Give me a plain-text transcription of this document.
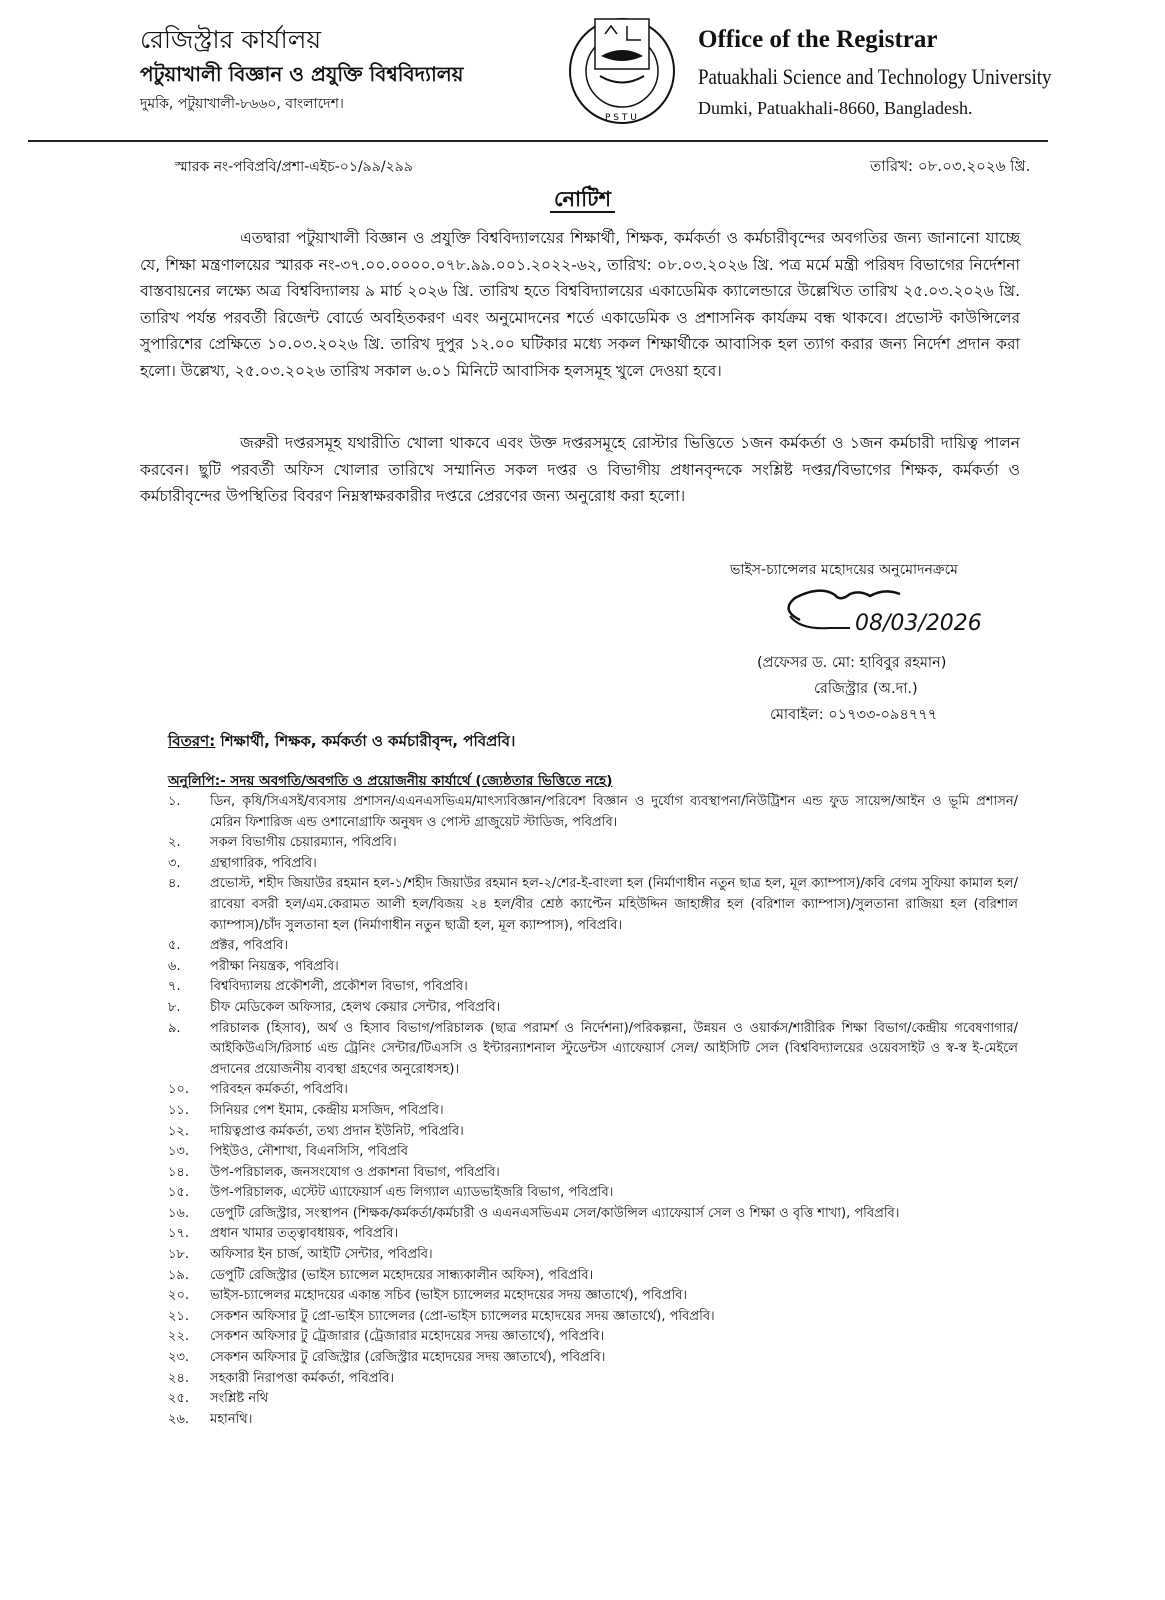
রেজিস্ট্রার কার্যালয়
পটুয়াখালী বিজ্ঞান ও প্রযুক্তি বিশ্ববিদ্যালয়
দুমকি, পটুয়াখালী-৮৬৬০, বাংলাদেশ।
P S T U
Office of the Registrar
Patuakhali Science and Technology University
Dumki, Patuakhali-8660, Bangladesh.
স্মারক নং-পবিপ্রবি/প্রশা-এইচ-০১/৯৯/২৯৯	তারিখ: ০৮.০৩.২০২৬ খ্রি.
নোটিশ

এতদ্বারা পটুয়াখালী বিজ্ঞান ও প্রযুক্তি বিশ্ববিদ্যালয়ের শিক্ষার্থী, শিক্ষক, কর্মকর্তা ও কর্মচারীবৃন্দের অবগতির জন্য জানানো যাচ্ছে যে, শিক্ষা মন্ত্রণালয়ের স্মারক নং-৩৭.০০.০০০০.০৭৮.৯৯.০০১.২০২২-৬২, তারিখ: ০৮.০৩.২০২৬ খ্রি. পত্র মর্মে মন্ত্রী পরিষদ বিভাগের নির্দেশনা বাস্তবায়নের লক্ষ্যে অত্র বিশ্ববিদ্যালয় ৯ মার্চ ২০২৬ খ্রি. তারিখ হতে বিশ্ববিদ্যালয়ের একাডেমিক ক্যালেন্ডারে উল্লেখিত তারিখ ২৫.০৩.২০২৬ খ্রি. তারিখ পর্যন্ত পরবর্তী রিজেন্ট বোর্ডে অবহিতকরণ এবং অনুমোদনের শর্তে একাডেমিক ও প্রশাসনিক কার্যক্রম বন্ধ থাকবে। প্রভোস্ট কাউন্সিলের সুপারিশের প্রেক্ষিতে ১০.০৩.২০২৬ খ্রি. তারিখ দুপুর ১২.০০ ঘটিকার মধ্যে সকল শিক্ষার্থীকে আবাসিক হল ত্যাগ করার জন্য নির্দেশ প্রদান করা হলো। উল্লেখ্য, ২৫.০৩.২০২৬ তারিখ সকাল ৬.০১ মিনিটে আবাসিক হলসমূহ খুলে দেওয়া হবে।

জরুরী দপ্তরসমূহ যথারীতি খোলা থাকবে এবং উক্ত দপ্তরসমূহে রোস্টার ভিত্তিতে ১জন কর্মকর্তা ও ১জন কর্মচারী দায়িত্ব পালন করবেন। ছুটি পরবর্তী অফিস খোলার তারিখে সম্মানিত সকল দপ্তর ও বিভাগীয় প্রধানবৃন্দকে সংশ্লিষ্ট দপ্তর/বিভাগের শিক্ষক, কর্মকর্তা ও কর্মচারীবৃন্দের উপস্থিতির বিবরণ নিম্নস্বাক্ষরকারীর দপ্তরে প্রেরণের জন্য অনুরোধ করা হলো।

ভাইস-চ্যান্সেলর মহোদয়ের অনুমোদনক্রমে
08/03/2026
(প্রফেসর ড. মো: হাবিবুর রহমান)
রেজিস্ট্রার (অ.দা.)
মোবাইল: ০১৭৩৩-০৯৪৭৭৭
বিতরণ: শিক্ষার্থী, শিক্ষক, কর্মকর্তা ও কর্মচারীবৃন্দ, পবিপ্রবি।
অনুলিপি:- সদয় অবগতি/অবগতি ও প্রয়োজনীয় কার্যার্থে (জ্যেষ্ঠতার ভিত্তিতে নহে)
১.	ডিন, কৃষি/সিএসই/ব্যবসায় প্রশাসন/এএনএসভিএম/মাৎস্যবিজ্ঞান/পরিবেশ বিজ্ঞান ও দুর্যোগ ব্যবস্থাপনা/নিউট্রিশন এন্ড ফুড সায়েন্স/আইন ও ভূমি প্রশাসন/ মেরিন ফিশারিজ এন্ড ওশানোগ্রাফি অনুষদ ও পোস্ট গ্রাজুয়েট স্টাডিজ, পবিপ্রবি।
২.	সকল বিভাগীয় চেয়ারম্যান, পবিপ্রবি।
৩.	গ্রন্থাগারিক, পবিপ্রবি।
৪.	প্রভোস্ট, শহীদ জিয়াউর রহমান হল-১/শহীদ জিয়াউর রহমান হল-২/শের-ই-বাংলা হল (নির্মাণাধীন নতুন ছাত্র হল, মূল ক্যাম্পাস)/কবি বেগম সুফিয়া কামাল হল/রাবেয়া বসরী হল/এম.কেরামত আলী হল/বিজয় ২৪ হল/বীর শ্রেষ্ঠ ক্যাপ্টেন মহিউদ্দিন জাহাঙ্গীর হল (বরিশাল ক্যাম্পাস)/সুলতানা রাজিয়া হল (বরিশাল ক্যাম্পাস)/চাঁদ সুলতানা হল (নির্মাণাধীন নতুন ছাত্রী হল, মূল ক্যাম্পাস), পবিপ্রবি।
৫.	প্রক্টর, পবিপ্রবি।
৬.	পরীক্ষা নিয়ন্ত্রক, পবিপ্রবি।
৭.	বিশ্ববিদ্যালয় প্রকৌশলী, প্রকৌশল বিভাগ, পবিপ্রবি।
৮.	চীফ মেডিকেল অফিসার, হেলথ কেয়ার সেন্টার, পবিপ্রবি।
৯.	পরিচালক (হিসাব), অর্থ ও হিসাব বিভাগ/পরিচালক (ছাত্র পরামর্শ ও নির্দেশনা)/পরিকল্পনা, উন্নয়ন ও ওয়ার্কস/শারীরিক শিক্ষা বিভাগ/কেন্দ্রীয় গবেষণাগার/আইকিউএসি/রিসার্চ এন্ড ট্রেনিং সেন্টার/টিএসসি ও ইন্টারন্যাশনাল স্টুডেন্টস এ্যাফেয়ার্স সেল/ আইসিটি সেল (বিশ্ববিদ্যালয়ের ওয়েবসাইট ও স্ব-স্ব ই-মেইলে প্রদানের প্রয়োজনীয় ব্যবস্থা গ্রহণের অনুরোধসহ)।
১০.	পরিবহন কর্মকর্তা, পবিপ্রবি।
১১.	সিনিয়র পেশ ইমাম, কেন্দ্রীয় মসজিদ, পবিপ্রবি।
১২.	দায়িত্বপ্রাপ্ত কর্মকর্তা, তথ্য প্রদান ইউনিট, পবিপ্রবি।
১৩.	পিইউও, নৌশাখা, বিএনসিসি, পবিপ্রবি
১৪.	উপ-পরিচালক, জনসংযোগ ও প্রকাশনা বিভাগ, পবিপ্রবি।
১৫.	উপ-পরিচালক, এস্টেট এ্যাফেয়ার্স এন্ড লিগ্যাল এ্যাডভাইজরি বিভাগ, পবিপ্রবি।
১৬.	ডেপুটি রেজিস্ট্রার, সংস্থাপন (শিক্ষক/কর্মকর্তা/কর্মচারী ও এএনএসভিএম সেল/কাউন্সিল এ্যাফেয়ার্স সেল ও শিক্ষা ও বৃত্তি শাখা), পবিপ্রবি।
১৭.	প্রধান খামার তত্ত্বাবধায়ক, পবিপ্রবি।
১৮.	অফিসার ইন চার্জ, আইটি সেন্টার, পবিপ্রবি।
১৯.	ডেপুটি রেজিস্ট্রার (ভাইস চ্যান্সেল মহোদয়ের সান্ধ্যকালীন অফিস), পবিপ্রবি।
২০.	ভাইস-চ্যান্সেলর মহোদয়ের একান্ত সচিব (ভাইস চ্যান্সেলর মহোদয়ের সদয় জ্ঞাতার্থে), পবিপ্রবি।
২১.	সেকশন অফিসার টু প্রো-ভাইস চ্যান্সেলর (প্রো-ভাইস চ্যান্সেলর মহোদয়ের সদয় জ্ঞাতার্থে), পবিপ্রবি।
২২.	সেকশন অফিসার টু ট্রেজারার (ট্রেজারার মহোদয়ের সদয় জ্ঞাতার্থে), পবিপ্রবি।
২৩.	সেকশন অফিসার টু রেজিস্ট্রার (রেজিস্ট্রার মহোদয়ের সদয় জ্ঞাতার্থে), পবিপ্রবি।
২৪.	সহকারী নিরাপত্তা কর্মকর্তা, পবিপ্রবি।
২৫.	সংশ্লিষ্ট নথি
২৬.	মহানথি।
